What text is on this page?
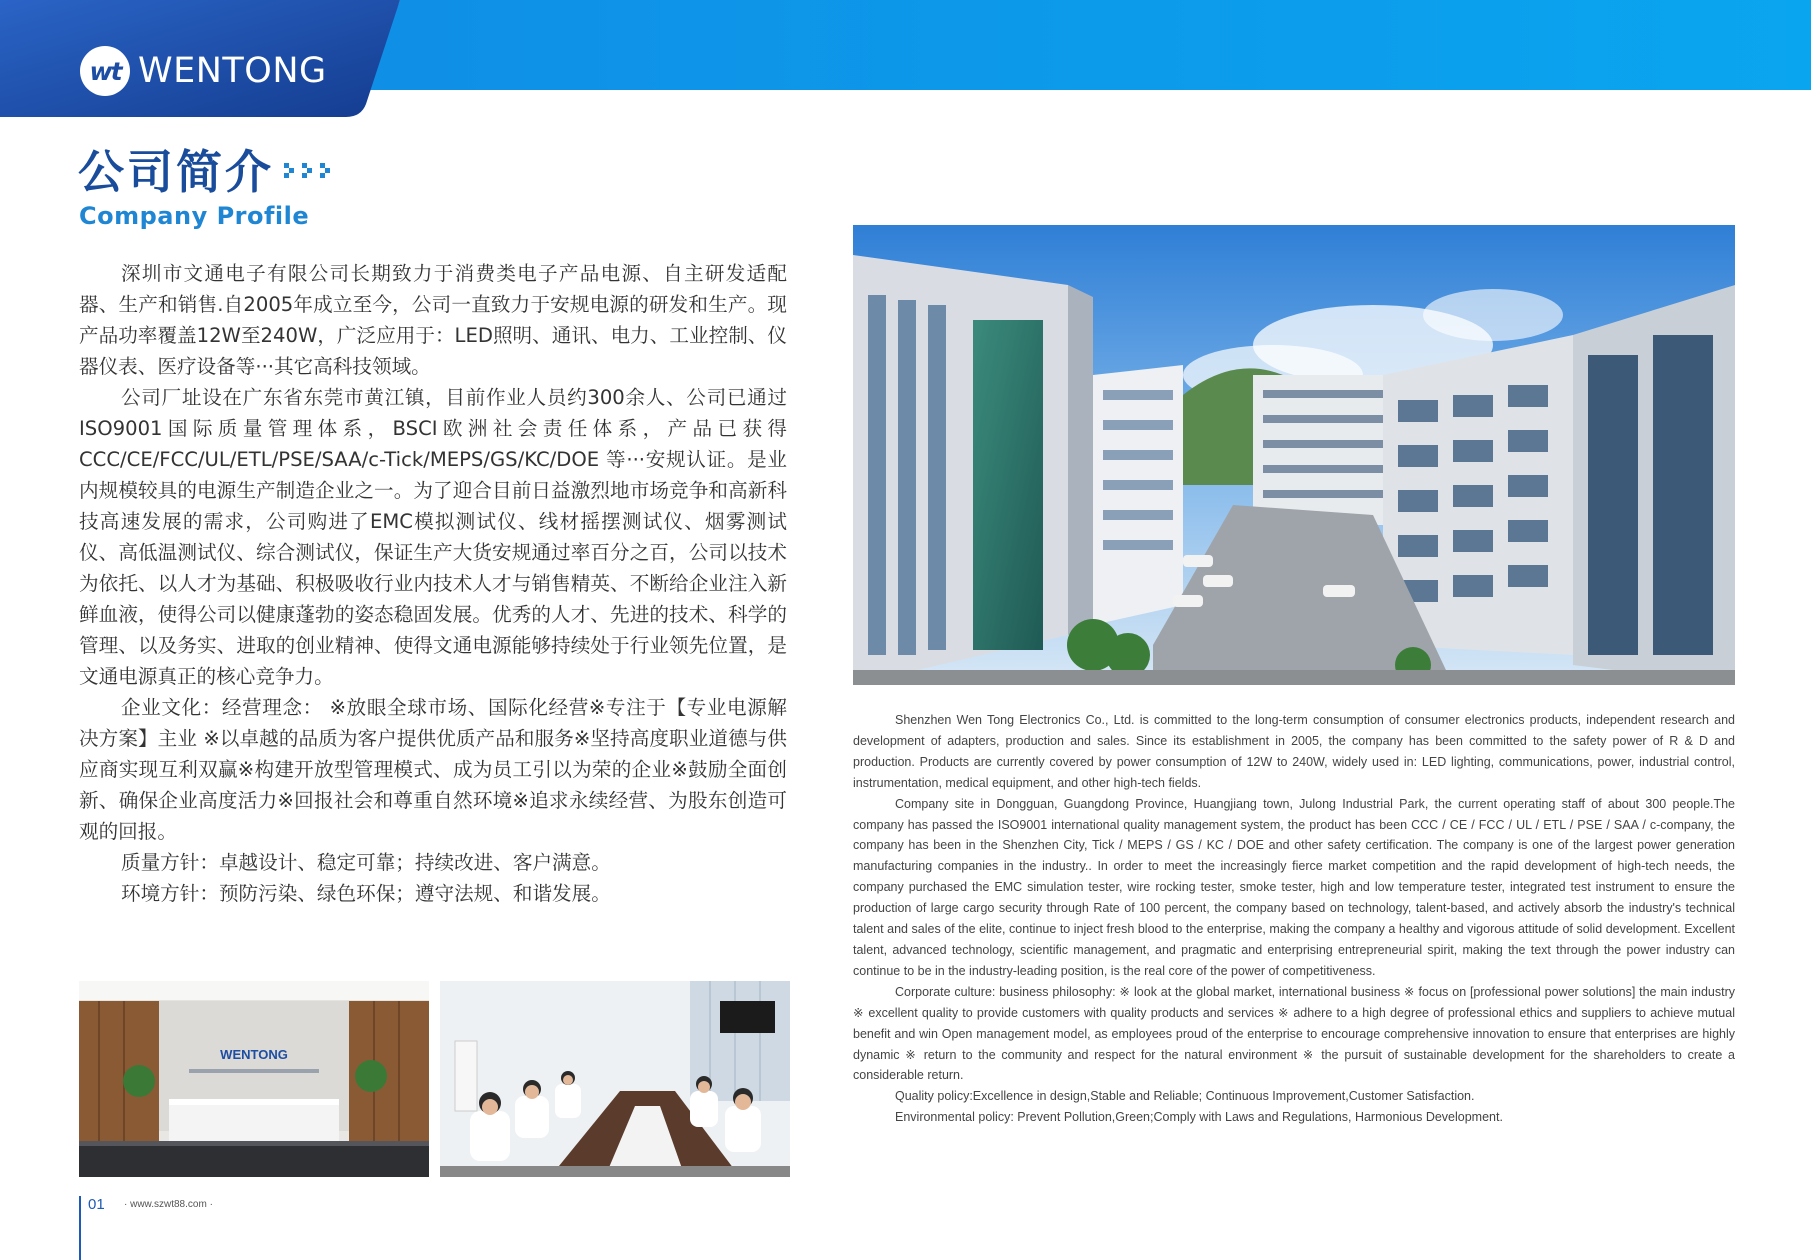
wt WENTONG
公司简介
Company Profile

深圳市文通电子有限公司长期致力于消费类电子产品电源、自主研发适配器、生产和销售.自2005年成立至今，公司一直致力于安规电源的研发和生产。现产品功率覆盖12W至240W，广泛应用于：LED照明、通讯、电力、工业控制、仪器仪表、医疗设备等···其它高科技领域。

公司厂址设在广东省东莞市黄江镇，目前作业人员约300余人、公司已通过ISO9001国际质量管理体系，BSCI欧洲社会责任体系，产品已获得CCC/CE/FCC/UL/ETL/PSE/SAA/c-Tick/MEPS/GS/KC/DOE 等···安规认证。是业内规模较具的电源生产制造企业之一。为了迎合目前日益激烈地市场竞争和高新科技高速发展的需求，公司购进了EMC模拟测试仪、线材摇摆测试仪、烟雾测试仪、高低温测试仪、综合测试仪，保证生产大货安规通过率百分之百，公司以技术为依托、以人才为基础、积极吸收行业内技术人才与销售精英、不断给企业注入新鲜血液，使得公司以健康蓬勃的姿态稳固发展。优秀的人才、先进的技术、科学的管理、以及务实、进取的创业精神、使得文通电源能够持续处于行业领先位置，是文通电源真正的核心竞争力。

企业文化：经营理念： ※放眼全球市场、国际化经营※专注于【专业电源解决方案】主业 ※以卓越的品质为客户提供优质产品和服务※坚持高度职业道德与供应商实现互利双赢※构建开放型管理模式、成为员工引以为荣的企业※鼓励全面创新、确保企业高度活力※回报社会和尊重自然环境※追求永续经营、为股东创造可观的回报。

质量方针：卓越设计、稳定可靠；持续改进、客户满意。

环境方针：预防污染、绿色环保；遵守法规、和谐发展。

Shenzhen Wen Tong Electronics Co., Ltd. is committed to the long-term consumption of consumer electronics products, independent research and development of adapters, production and sales. Since its establishment in 2005, the company has been committed to the safety power of R & D and production. Products are currently covered by power consumption of 12W to 240W, widely used in: LED lighting, communications, power, industrial control, instrumentation, medical equipment, and other high-tech fields.

Company site in Dongguan, Guangdong Province, Huangjiang town, Julong Industrial Park, the current operating staff of about 300 people.The company has passed the ISO9001 international quality management system, the product has been CCC / CE / FCC / UL / ETL / PSE / SAA / c-company, the company has been in the Shenzhen City, Tick / MEPS / GS / KC / DOE and other safety certification. The company is one of the largest power generation manufacturing companies in the industry.. In order to meet the increasingly fierce market competition and the rapid development of high-tech needs, the company purchased the EMC simulation tester, wire rocking tester, smoke tester, high and low temperature tester, integrated test instrument to ensure the production of large cargo security through Rate of 100 percent, the company based on technology, talent-based, and actively absorb the industry's technical talent and sales of the elite, continue to inject fresh blood to the enterprise, making the company a healthy and vigorous attitude of solid development. Excellent talent, advanced technology, scientific management, and pragmatic and enterprising entrepreneurial spirit, making the text through the power industry can continue to be in the industry-leading position, is the real core of the power of competitiveness.

Corporate culture: business philosophy: ※ look at the global market, international business ※ focus on [professional power solutions] the main industry ※ excellent quality to provide customers with quality products and services ※ adhere to a high degree of professional ethics and suppliers to achieve mutual benefit and win Open management model, as employees proud of the enterprise to encourage comprehensive innovation to ensure that enterprises are highly dynamic ※ return to the community and respect for the natural environment ※ the pursuit of sustainable development for the shareholders to create a considerable return.

Quality policy:Excellence in design,Stable and Reliable; Continuous Improvement,Customer Satisfaction.

Environmental policy: Prevent Pollution,Green;Comply with Laws and Regulations, Harmonious Development.

WENTONG
01 · www.szwt88.com ·
